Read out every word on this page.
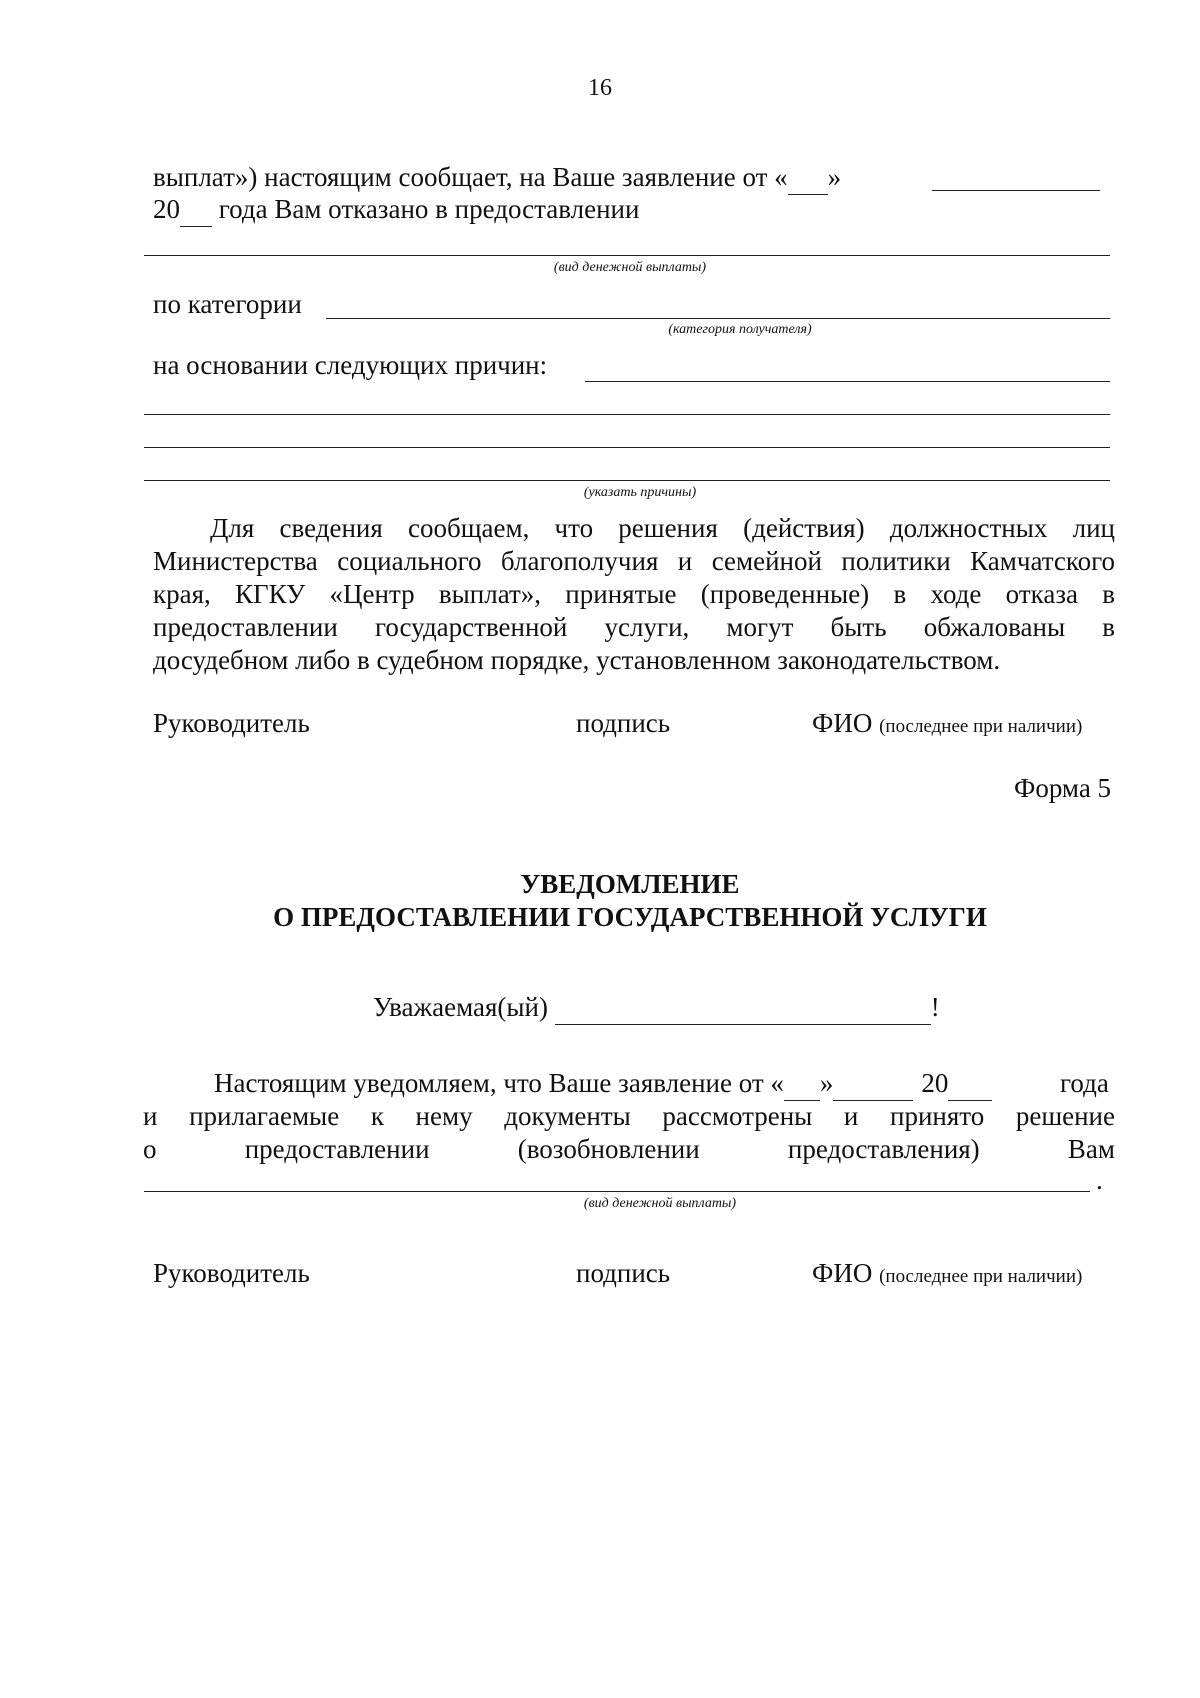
16
выплат») настоящим сообщает, на Ваше заявление от « »
20  года Вам отказано в предоставлении
(вид денежной выплаты)
по категории
(категория получателя)
на основании следующих причин:
(указать причины)
Для сведения сообщаем, что решения (действия) должностных лиц
Министерства социального благополучия и семейной политики Камчатского
края, КГКУ «Центр выплат», принятые (проведенные) в ходе отказа в
предоставлении государственной услуги, могут быть обжалованы в
досудебном либо в судебном порядке, установленном законодательством.
Руководитель	подпись	ФИО (последнее при наличии)
Форма 5
УВЕДОМЛЕНИЕ
О ПРЕДОСТАВЛЕНИИ ГОСУДАРСТВЕННОЙ УСЛУГИ
Уважаемая(ый)	!
Настоящим уведомляем, что Ваше заявление от « »	20	года
и прилагаемые к нему документы рассмотрены и принято решение
о предоставлении (возобновлении предоставления) Вам
.
(вид денежной выплаты)
Руководитель	подпись	ФИО (последнее при наличии)
